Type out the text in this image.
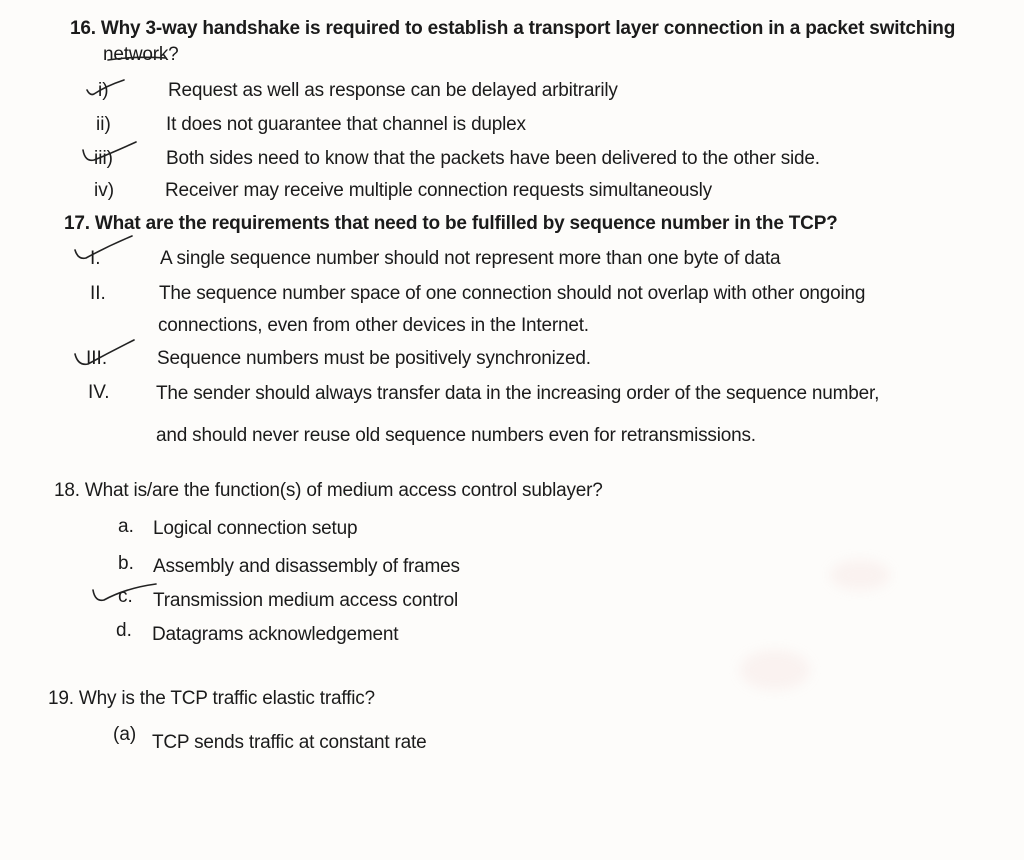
16. Why 3-way handshake is required to establish a transport layer connection in a packet switching
network?
i)	Request as well as response can be delayed arbitrarily
ii)	It does not guarantee that channel is duplex
iii)	Both sides need to know that the packets have been delivered to the other side.
iv)	Receiver may receive multiple connection requests simultaneously
17. What are the requirements that need to be fulfilled by sequence number in the TCP?
I.	A single sequence number should not represent more than one byte of data
II.	The sequence number space of one connection should not overlap with other ongoing
connections, even from other devices in the Internet.
III.	Sequence numbers must be positively synchronized.
IV. The sender should always transfer data in the increasing order of the sequence number,
and should never reuse old sequence numbers even for retransmissions.
18. What is/are the function(s) of medium access control sublayer?
a. Logical connection setup
b. Assembly and disassembly of frames
c. Transmission medium access control
d. Datagrams acknowledgement
19. Why is the TCP traffic elastic traffic?
(a) TCP sends traffic at constant rate
